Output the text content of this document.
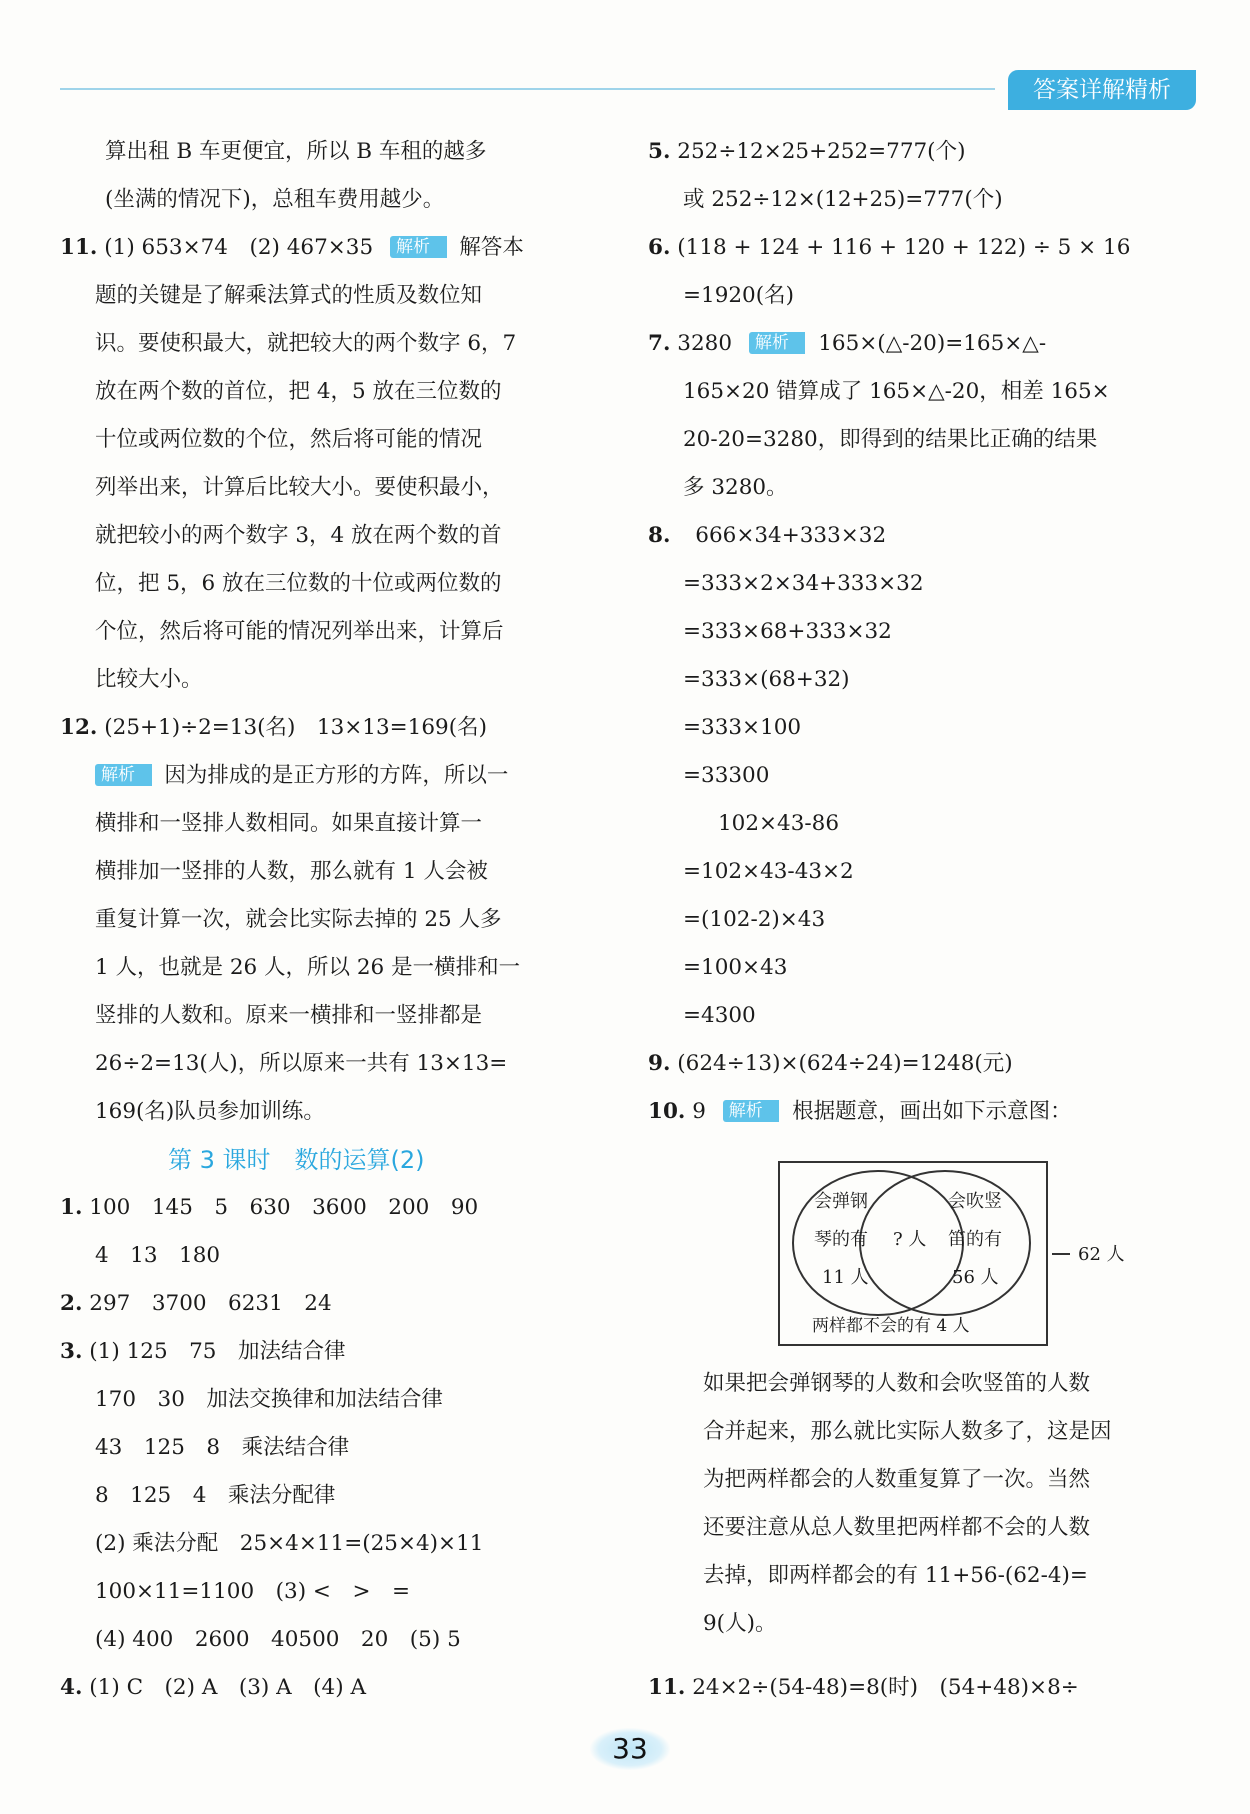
答案详解精析
算出租 B 车更便宜，所以 B 车租的越多
(坐满的情况下)，总租车费用越少。
11. (1) 653×74　(2) 467×35 解析 ▸ 解答本
题的关键是了解乘法算式的性质及数位知
识。要使积最大，就把较大的两个数字 6，7
放在两个数的首位，把 4，5 放在三位数的
十位或两位数的个位，然后将可能的情况
列举出来，计算后比较大小。要使积最小，
就把较小的两个数字 3，4 放在两个数的首
位，把 5，6 放在三位数的十位或两位数的
个位，然后将可能的情况列举出来，计算后
比较大小。
12. (25+1)÷2=13(名)　13×13=169(名)
解析 ▸ 因为排成的是正方形的方阵，所以一
横排和一竖排人数相同。如果直接计算一
横排加一竖排的人数，那么就有 1 人会被
重复计算一次，就会比实际去掉的 25 人多
1 人，也就是 26 人，所以 26 是一横排和一
竖排的人数和。原来一横排和一竖排都是
26÷2=13(人)，所以原来一共有 13×13=
169(名)队员参加训练。
第 3 课时　数的运算(2)
1. 100　145　5　630　3600　200　90
4　13　180
2. 297　3700　6231　24
3. (1) 125　75　加法结合律
170　30　加法交换律和加法结合律
43　125　8　乘法结合律
8　125　4　乘法分配律
(2) 乘法分配　25×4×11=(25×4)×11
100×11=1100　(3) <　>　=
(4) 400　2600　40500　20　(5) 5
4. (1) C　(2) A　(3) A　(4) A
5. 252÷12×25+252=777(个)
或 252÷12×(12+25)=777(个)
6. (118 + 124 + 116 + 120 + 122) ÷ 5 × 16
=1920(名)
7. 3280 解析 ▸ 165×(△-20)=165×△-
165×20 错算成了 165×△-20，相差 165×
20-20=3280，即得到的结果比正确的结果
多 3280。
8. 666×34+333×32
=333×2×34+333×32
=333×68+333×32
=333×(68+32)
=333×100
=33300
102×43-86
=102×43-43×2
=(102-2)×43
=100×43
=4300
9. (624÷13)×(624÷24)=1248(元)
10. 9 解析 ▸ 根据题意，画出如下示意图：
如果把会弹钢琴的人数和会吹竖笛的人数
合并起来，那么就比实际人数多了，这是因
为把两样都会的人数重复算了一次。当然
还要注意从总人数里把两样都不会的人数
去掉，即两样都会的有 11+56-(62-4)=
9(人)。
11. 24×2÷(54-48)=8(时)　(54+48)×8÷
会弹钢
琴的有
11 人
? 人
会吹竖
笛的有
56 人
两样都不会的有 4 人
62 人
33
